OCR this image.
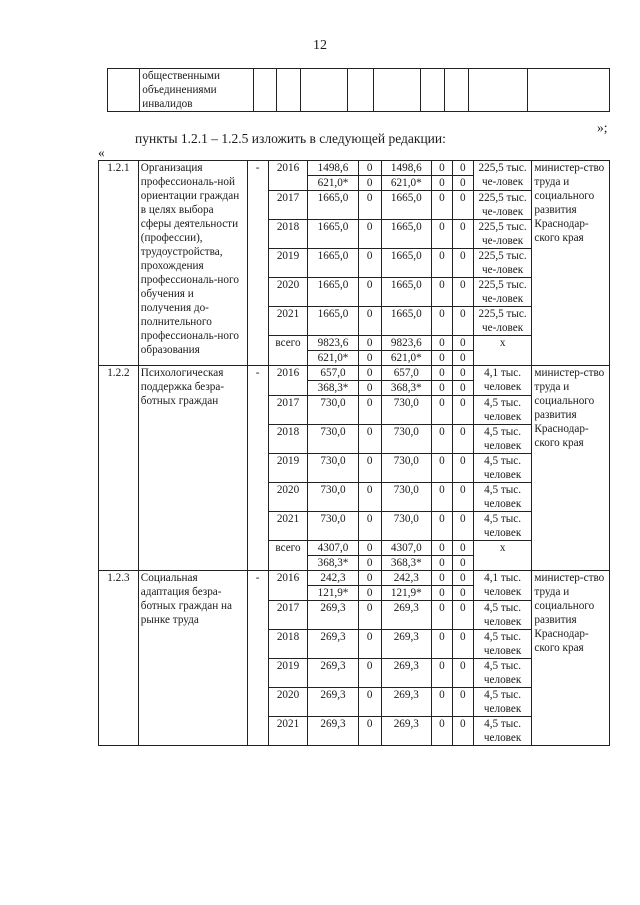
12
	общественными объединениями инвалидов									
»;
пункты 1.2.1 – 1.2.5 изложить в следующей редакции:
«
1.2.1	Организация профессиональ-ной ориентации граждан в целях выбора сферы деятельности (профессии), трудоустройства, прохождения профессиональ-ного обучения и получения до-полнительного профессиональ-ного образования	-	2016	1498,6	0	1498,6	0	0	225,5 тыс. че-ловек	министер-ство труда и социального развития Краснодар-ского края
				621,0*	0	621,0*	0	0		
			2017	1665,0	0	1665,0	0	0	225,5 тыс. че-ловек	
			2018	1665,0	0	1665,0	0	0	225,5 тыс. че-ловек	
			2019	1665,0	0	1665,0	0	0	225,5 тыс. че-ловек	
			2020	1665,0	0	1665,0	0	0	225,5 тыс. че-ловек	
			2021	1665,0	0	1665,0	0	0	225,5 тыс. че-ловек	
			всего	9823,6	0	9823,6	0	0	x	
				621,0*	0	621,0*	0	0		
1.2.2	Психологическая поддержка безра-ботных граждан	-	2016	657,0	0	657,0	0	0	4,1 тыс. человек	министер-ство труда и социального развития Краснодар-ского края
				368,3*	0	368,3*	0	0		
			2017	730,0	0	730,0	0	0	4,5 тыс. человек	
			2018	730,0	0	730,0	0	0	4,5 тыс. человек	
			2019	730,0	0	730,0	0	0	4,5 тыс. человек	
			2020	730,0	0	730,0	0	0	4,5 тыс. человек	
			2021	730,0	0	730,0	0	0	4,5 тыс. человек	
			всего	4307,0	0	4307,0	0	0	x	
				368,3*	0	368,3*	0	0		
1.2.3	Социальная адаптация безра-ботных граждан на рынке труда	-	2016	242,3	0	242,3	0	0	4,1 тыс. человек	министер-ство труда и социального развития Краснодар-ского края
				121,9*	0	121,9*	0	0		
			2017	269,3	0	269,3	0	0	4,5 тыс. человек	
			2018	269,3	0	269,3	0	0	4,5 тыс. человек	
			2019	269,3	0	269,3	0	0	4,5 тыс. человек	
			2020	269,3	0	269,3	0	0	4,5 тыс. человек	
			2021	269,3	0	269,3	0	0	4,5 тыс. человек	
